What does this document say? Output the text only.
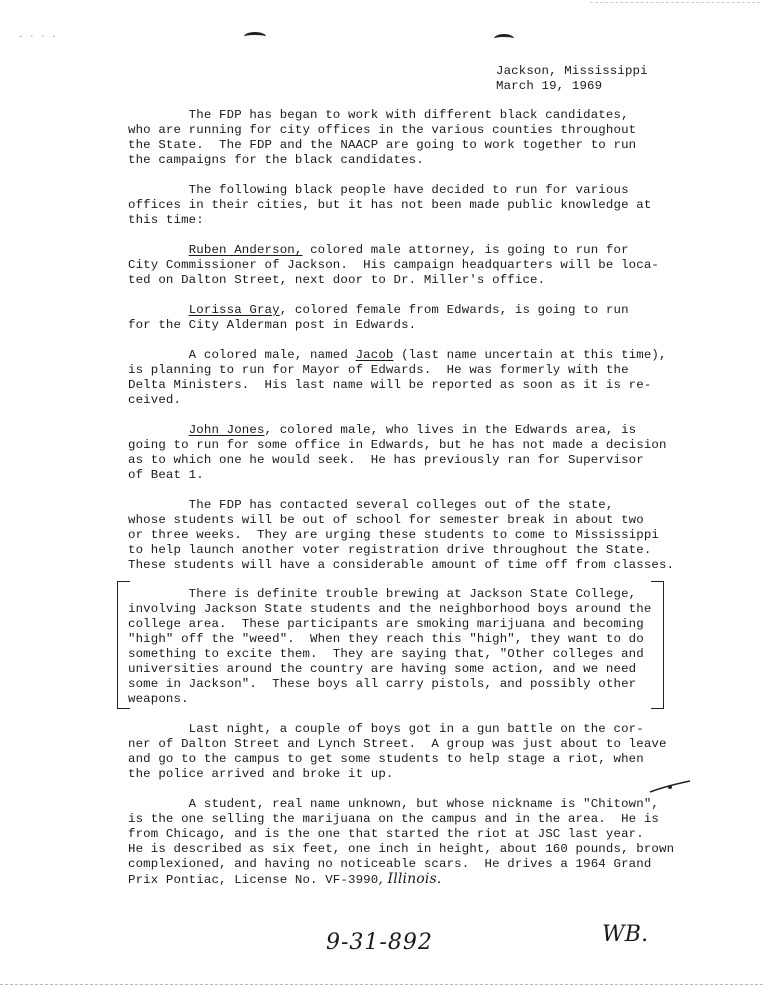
Jackson, Mississippi
March 19, 1969
- · · ·
The FDP has began to work with different black candidates,
who are running for city offices in the various counties throughout
the State.  The FDP and the NAACP are going to work together to run
the campaigns for the black candidates.
The following black people have decided to run for various
offices in their cities, but it has not been made public knowledge at
this time:
Ruben Anderson, colored male attorney, is going to run for
City Commissioner of Jackson.  His campaign headquarters will be loca-
ted on Dalton Street, next door to Dr. Miller's office.
Lorissa Gray, colored female from Edwards, is going to run
for the City Alderman post in Edwards.
A colored male, named Jacob (last name uncertain at this time),
is planning to run for Mayor of Edwards.  He was formerly with the
Delta Ministers.  His last name will be reported as soon as it is re-
ceived.
John Jones, colored male, who lives in the Edwards area, is
going to run for some office in Edwards, but he has not made a decision
as to which one he would seek.  He has previously ran for Supervisor
of Beat 1.
The FDP has contacted several colleges out of the state,
whose students will be out of school for semester break in about two
or three weeks.  They are urging these students to come to Mississippi
to help launch another voter registration drive throughout the State.
These students will have a considerable amount of time off from classes.
There is definite trouble brewing at Jackson State College,
involving Jackson State students and the neighborhood boys around the
college area.  These participants are smoking marijuana and becoming
"high" off the "weed".  When they reach this "high", they want to do
something to excite them.  They are saying that, "Other colleges and
universities around the country are having some action, and we need
some in Jackson".  These boys all carry pistols, and possibly other
weapons.
Last night, a couple of boys got in a gun battle on the cor-
ner of Dalton Street and Lynch Street.  A group was just about to leave
and go to the campus to get some students to help stage a riot, when
the police arrived and broke it up.
A student, real name unknown, but whose nickname is "Chitown",
is the one selling the marijuana on the campus and in the area.  He is
from Chicago, and is the one that started the riot at JSC last year.
He is described as six feet, one inch in height, about 160 pounds, brown
complexioned, and having no noticeable scars.  He drives a 1964 Grand
Prix Pontiac, License No. VF-3990, Illinois.
9-31-892	WB.
